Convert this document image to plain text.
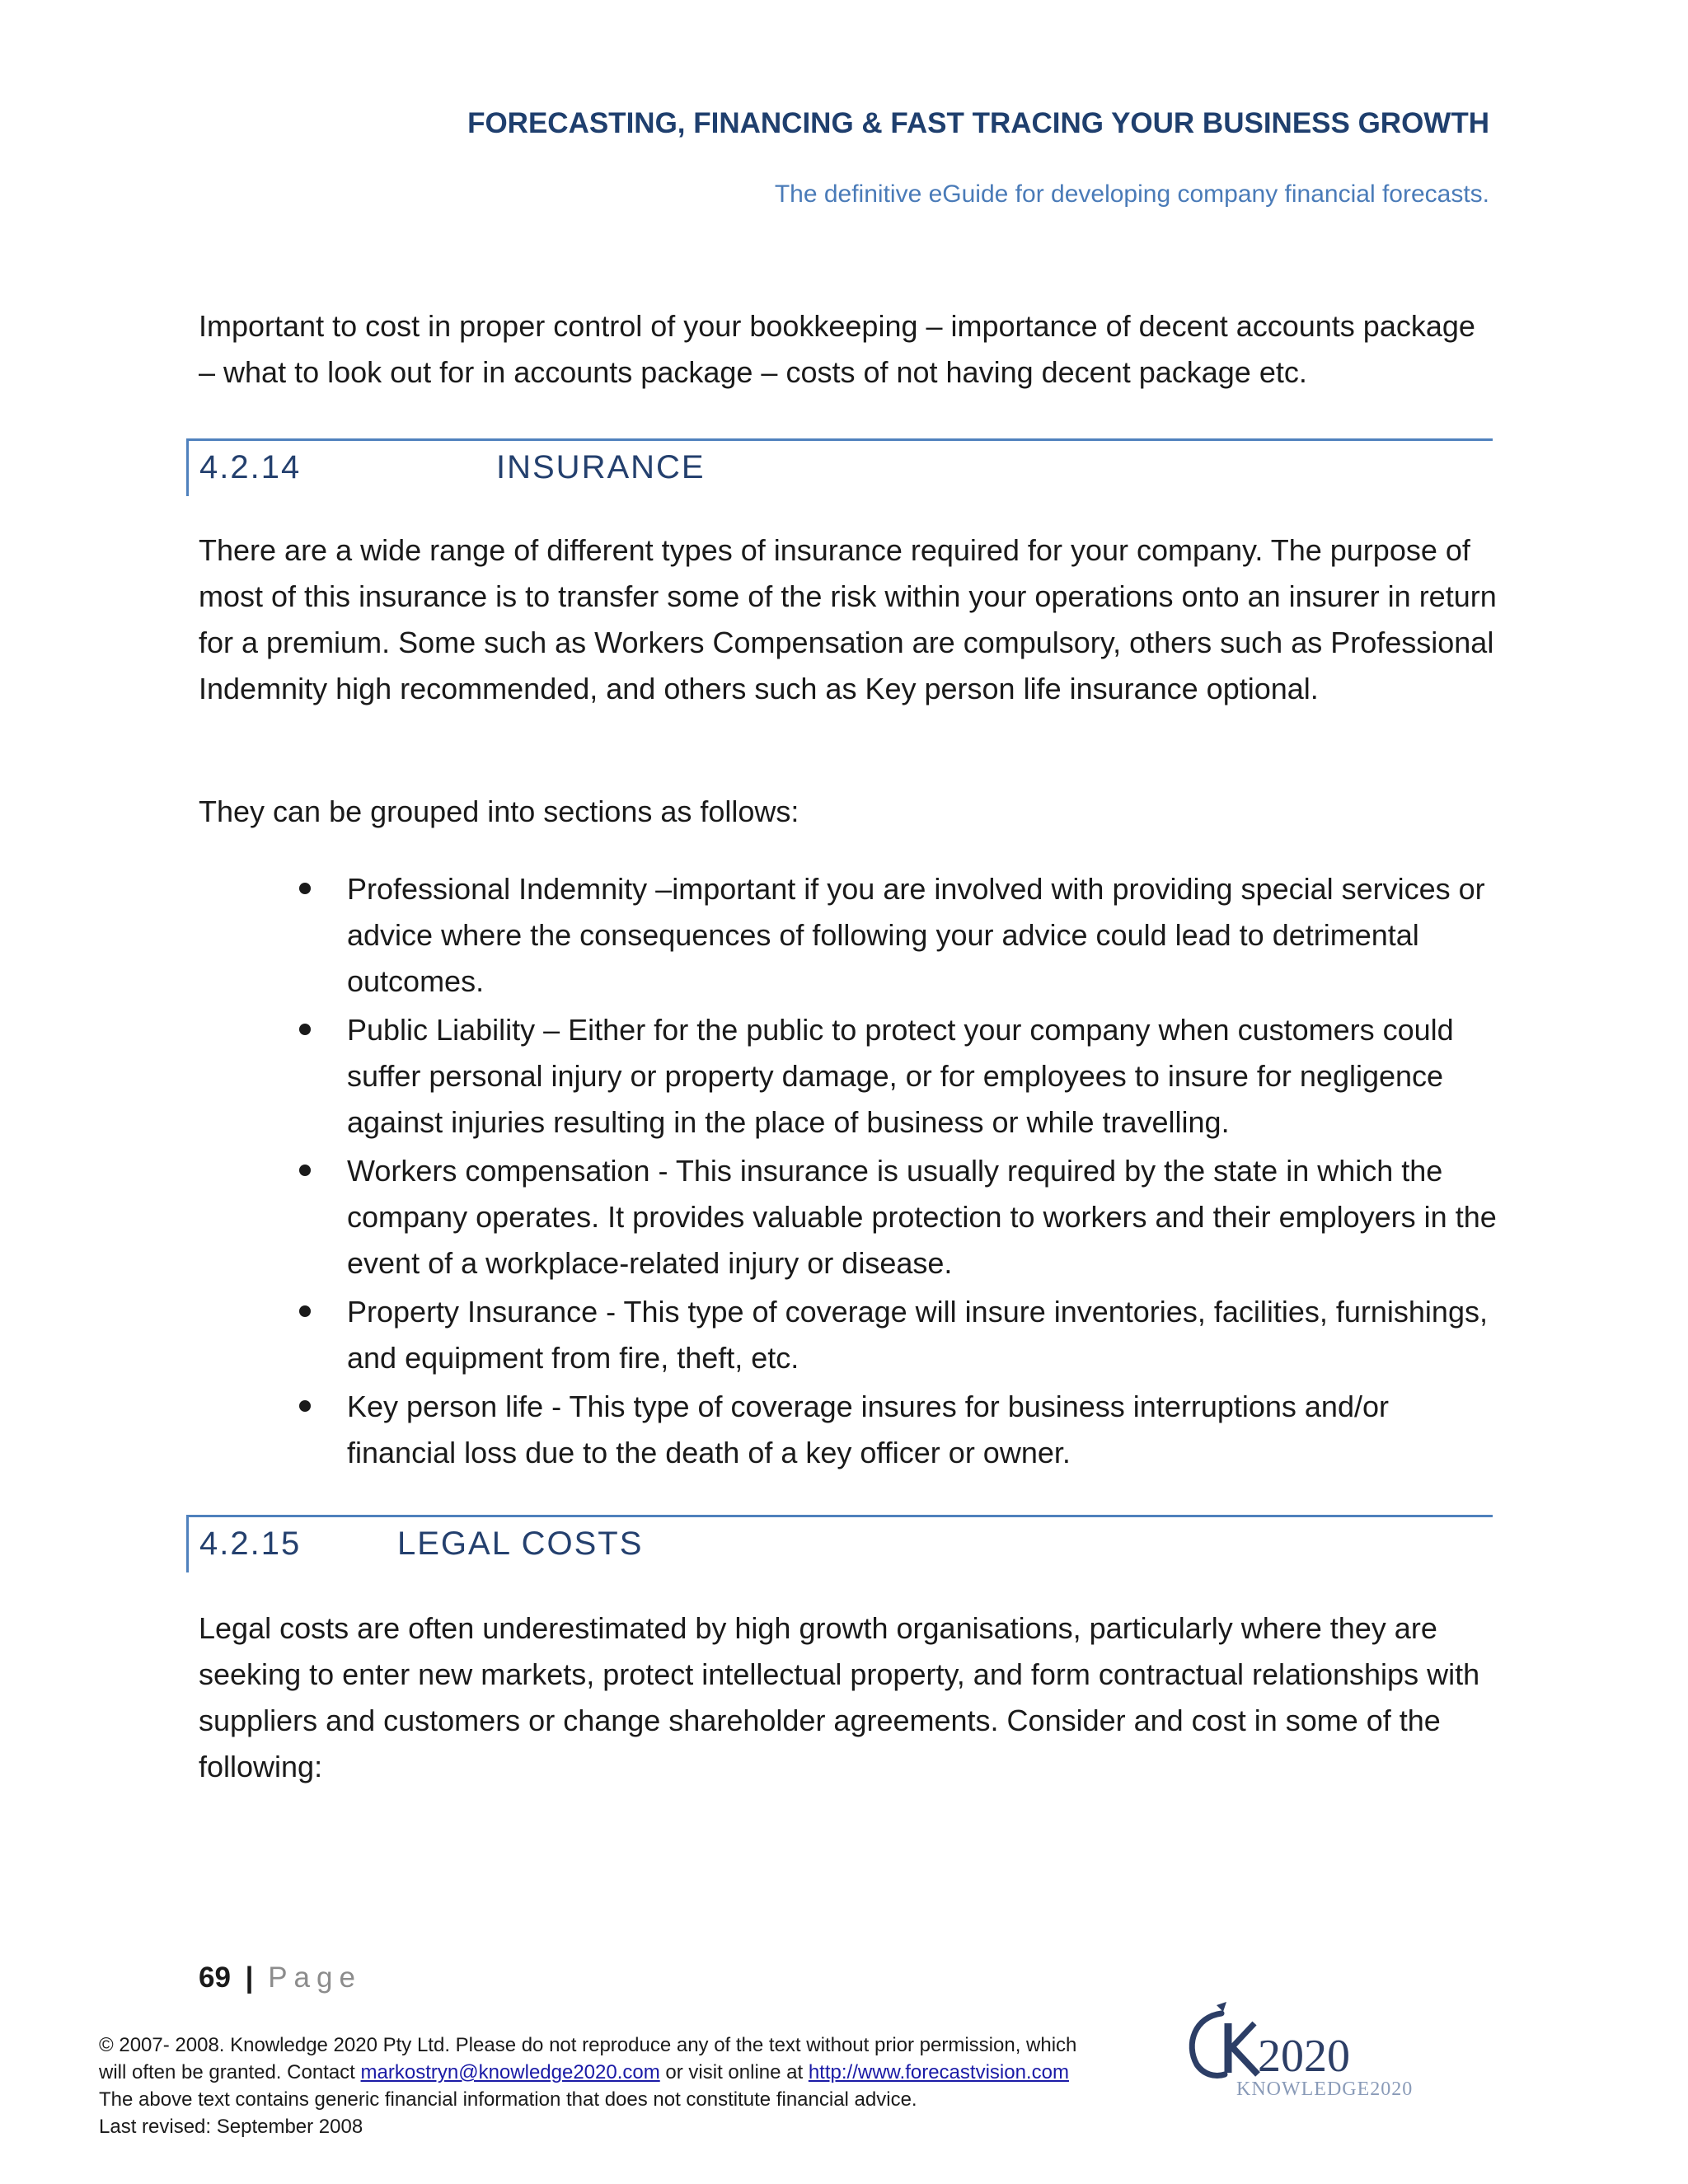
FORECASTING, FINANCING & FAST TRACING YOUR BUSINESS GROWTH
The definitive eGuide for developing company financial forecasts.

Important to cost in proper control of your bookkeeping – importance of decent accounts package – what to look out for in accounts package – costs of not having decent package etc.

4.2.14	INSURANCE

There are a wide range of different types of insurance required for your company. The purpose of most of this insurance is to transfer some of the risk within your operations onto an insurer in return for a premium. Some such as Workers Compensation are compulsory, others such as Professional Indemnity high recommended, and others such as Key person life insurance optional.

They can be grouped into sections as follows:

Professional Indemnity –important if you are involved with providing special services or advice where the consequences of following your advice could lead to detrimental outcomes.
Public Liability – Either for the public to protect your company when customers could suffer personal injury or property damage, or for employees to insure for negligence against injuries resulting in the place of business or while travelling.
Workers compensation - This insurance is usually required by the state in which the company operates. It provides valuable protection to workers and their employers in the event of a workplace-related injury or disease.
Property Insurance - This type of coverage will insure inventories, facilities, furnishings, and equipment from fire, theft, etc.
Key person life - This type of coverage insures for business interruptions and/or financial loss due to the death of a key officer or owner.
4.2.15	LEGAL COSTS

Legal costs are often underestimated by high growth organisations, particularly where they are seeking to enter new markets, protect intellectual property, and form contractual relationships with suppliers and customers or change shareholder agreements. Consider and cost in some of the following:

69 | Page
© 2007- 2008. Knowledge 2020 Pty Ltd. Please do not reproduce any of the text without prior permission, which
will often be granted. Contact markostryn@knowledge2020.com or visit online at http://www.forecastvision.com
The above text contains generic financial information that does not constitute financial advice.
Last revised: September 2008
2020
KNOWLEDGE2020
